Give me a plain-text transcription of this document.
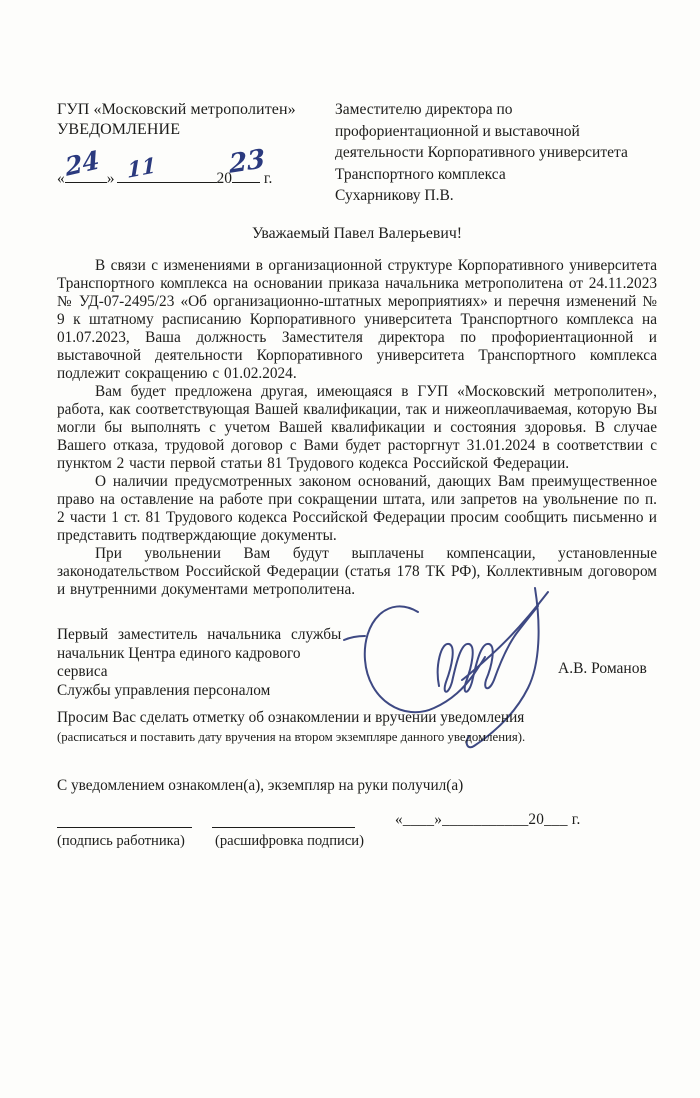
ГУП «Московский метрополитен»
УВЕДОМЛЕНИЕ
«	»	20 г.
24 11	23
Заместителю директора по
профориентационной и выставочной
деятельности Корпоративного университета
Транспортного комплекса
Сухарникову П.В.
Уважаемый Павел Валерьевич!

В связи с изменениями в организационной структуре Корпоративного университета Транспортного комплекса на основании приказа начальника метрополитена от 24.11.2023 № УД-07-2495/23 «Об организационно-штатных мероприятиях» и перечня изменений № 9 к штатному расписанию Корпоративного университета Транспортного комплекса на 01.07.2023, Ваша должность Заместителя директора по профориентационной и выставочной деятельности Корпоративного университета Транспортного комплекса подлежит сокращению с 01.02.2024.

Вам будет предложена другая, имеющаяся в ГУП «Московский метрополитен», работа, как соответствующая Вашей квалификации, так и нижеоплачиваемая, которую Вы могли бы выполнять с учетом Вашей квалификации и состояния здоровья. В случае Вашего отказа, трудовой договор с Вами будет расторгнут 31.01.2024 в соответствии с пунктом 2 части первой статьи 81 Трудового кодекса Российской Федерации.

О наличии предусмотренных законом оснований, дающих Вам преимущественное право на оставление на работе при сокращении штата, или запретов на увольнение по п. 2 части 1 ст. 81 Трудового кодекса Российской Федерации просим сообщить письменно и представить подтверждающие документы.

При увольнении Вам будут выплачены компенсации, установленные законодательством Российской Федерации (статья 178 ТК РФ), Коллективным договором и внутренними документами метрополитена.

Первый заместитель начальника службы
начальник Центра единого кадрового сервиса
Службы управления персоналом
А.В. Романов
Просим Вас сделать отметку об ознакомлении и вручении уведомления
(расписаться и поставить дату вручения на втором экземпляре данного уведомления).
С уведомлением ознакомлен(а), экземпляр на руки получил(а)
(подпись работника) (расшифровка подписи)
«____»___________20___ г.
